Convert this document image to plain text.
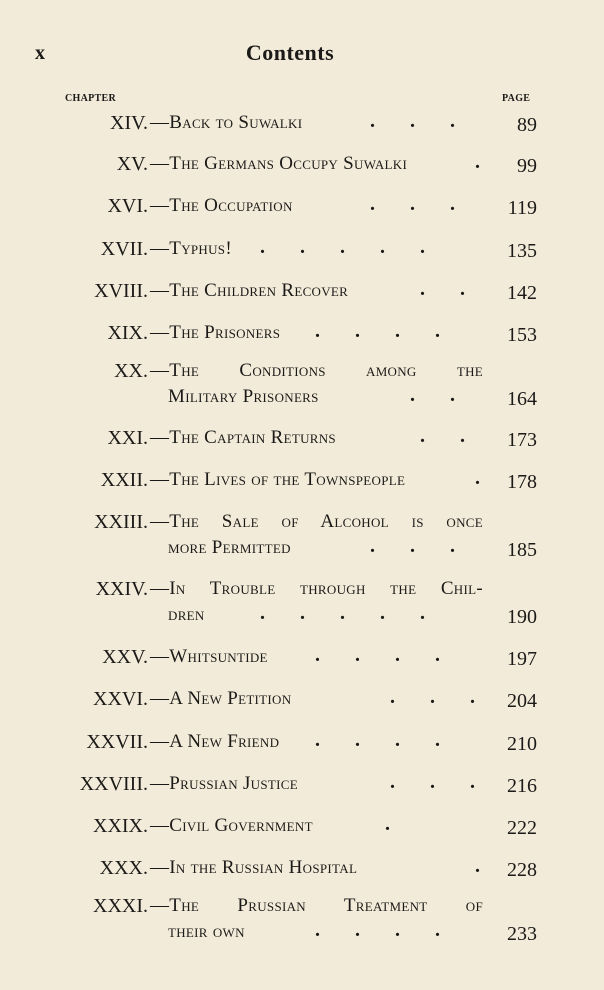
x	Contents
CHAPTER	PAGE
XIV. —Back to Suwalki	.       .       .	89
XV. —The Germans Occupy Suwalki	.	99
XVI. —The Occupation	.       .       .	119
XVII. —Typhus! .       .       .       .       .	135
XVIII. —The Children Recover	.       .	142
XIX. —The Prisoners .       .       .       .	153
XX. —The Conditions among the
Military Prisoners	.       .	164
XXI. —The Captain Returns	.       .	173
XXII. —The Lives of the Townspeople	.	178
XXIII. —The Sale of Alcohol is once
more Permitted	.       .       .	185
XXIV. —In Trouble through the Chil-
dren	.       .       .       .       .	190
XXV. —Whitsuntide .       .       .       .	197
XXVI. —A New Petition	.       .       .	204
XXVII. —A New Friend .       .       .       .	210
XXVIII. —Prussian Justice	.       .       .	216
XXIX. —Civil Government	.	222
XXX. —In the Russian Hospital	.	228
XXXI. —The Prussian Treatment of
their own	.       .       .       .	233
